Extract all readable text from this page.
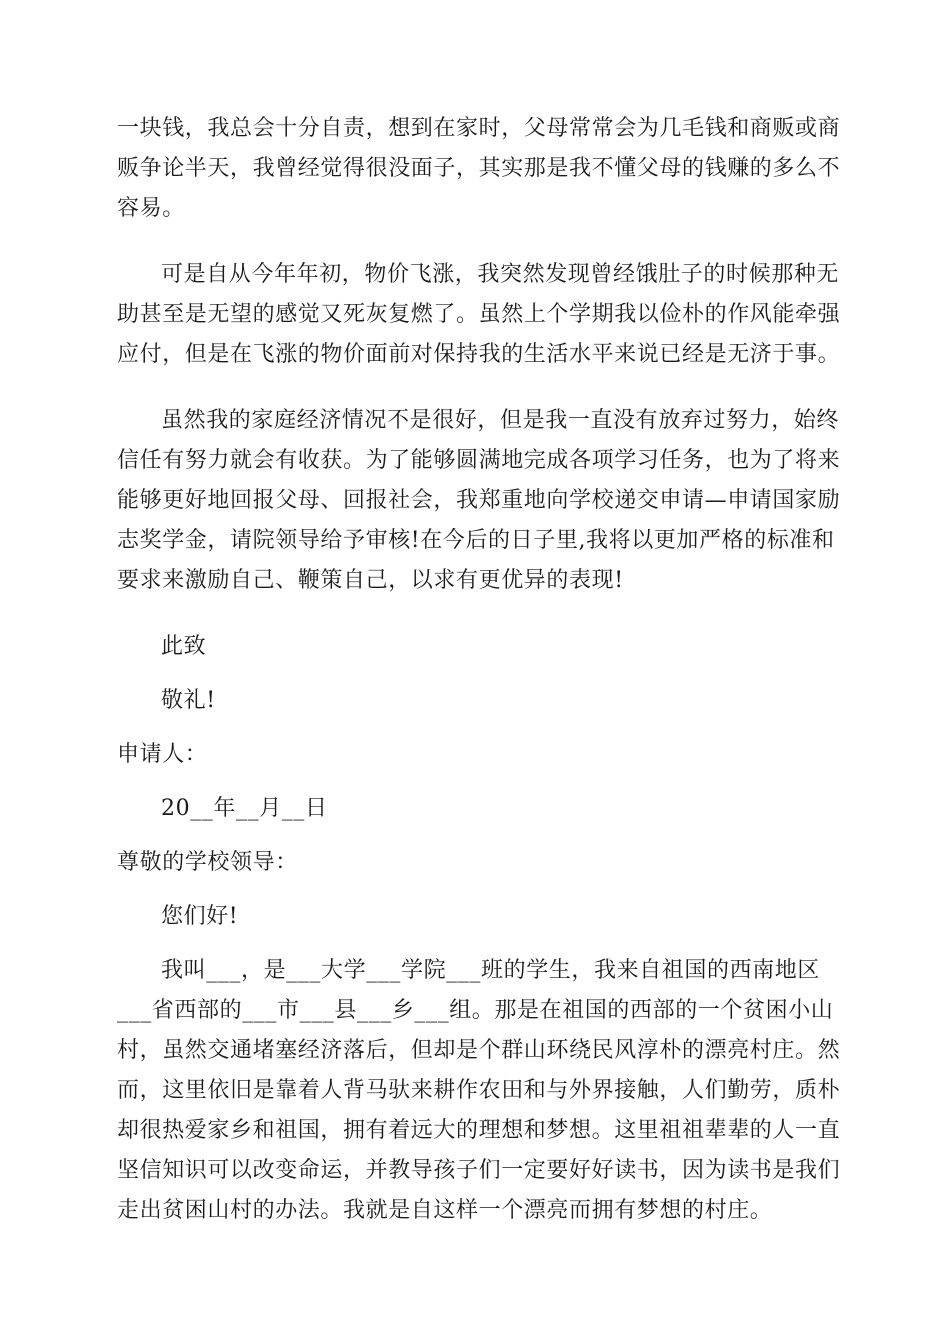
一块钱，我总会十分自责，想到在家时，父母常常会为几毛钱和商贩或商
贩争论半天，我曾经觉得很没面子，其实那是我不懂父母的钱赚的多么不
容易。
可是自从今年年初，物价飞涨，我突然发现曾经饿肚子的时候那种无
助甚至是无望的感觉又死灰复燃了。虽然上个学期我以俭朴的作风能牵强
应付，但是在飞涨的物价面前对保持我的生活水平来说已经是无济于事。
虽然我的家庭经济情况不是很好，但是我一直没有放弃过努力，始终
信任有努力就会有收获。为了能够圆满地完成各项学习任务，也为了将来
能够更好地回报父母、回报社会，我郑重地向学校递交申请—申请国家励
志奖学金，请院领导给予审核!在今后的日子里,我将以更加严格的标准和
要求来激励自己、鞭策自己，以求有更优异的表现!
此致
敬礼!
申请人：
20__年__月__日
尊敬的学校领导：
您们好!
我叫___，是___大学___学院___班的学生，我来自祖国的西南地区
___省西部的___市___县___乡___组。那是在祖国的西部的一个贫困小山
村，虽然交通堵塞经济落后，但却是个群山环绕民风淳朴的漂亮村庄。然
而，这里依旧是靠着人背马驮来耕作农田和与外界接触，人们勤劳，质朴
却很热爱家乡和祖国，拥有着远大的理想和梦想。这里祖祖辈辈的人一直
坚信知识可以改变命运，并教导孩子们一定要好好读书，因为读书是我们
走出贫困山村的办法。我就是自这样一个漂亮而拥有梦想的村庄。
